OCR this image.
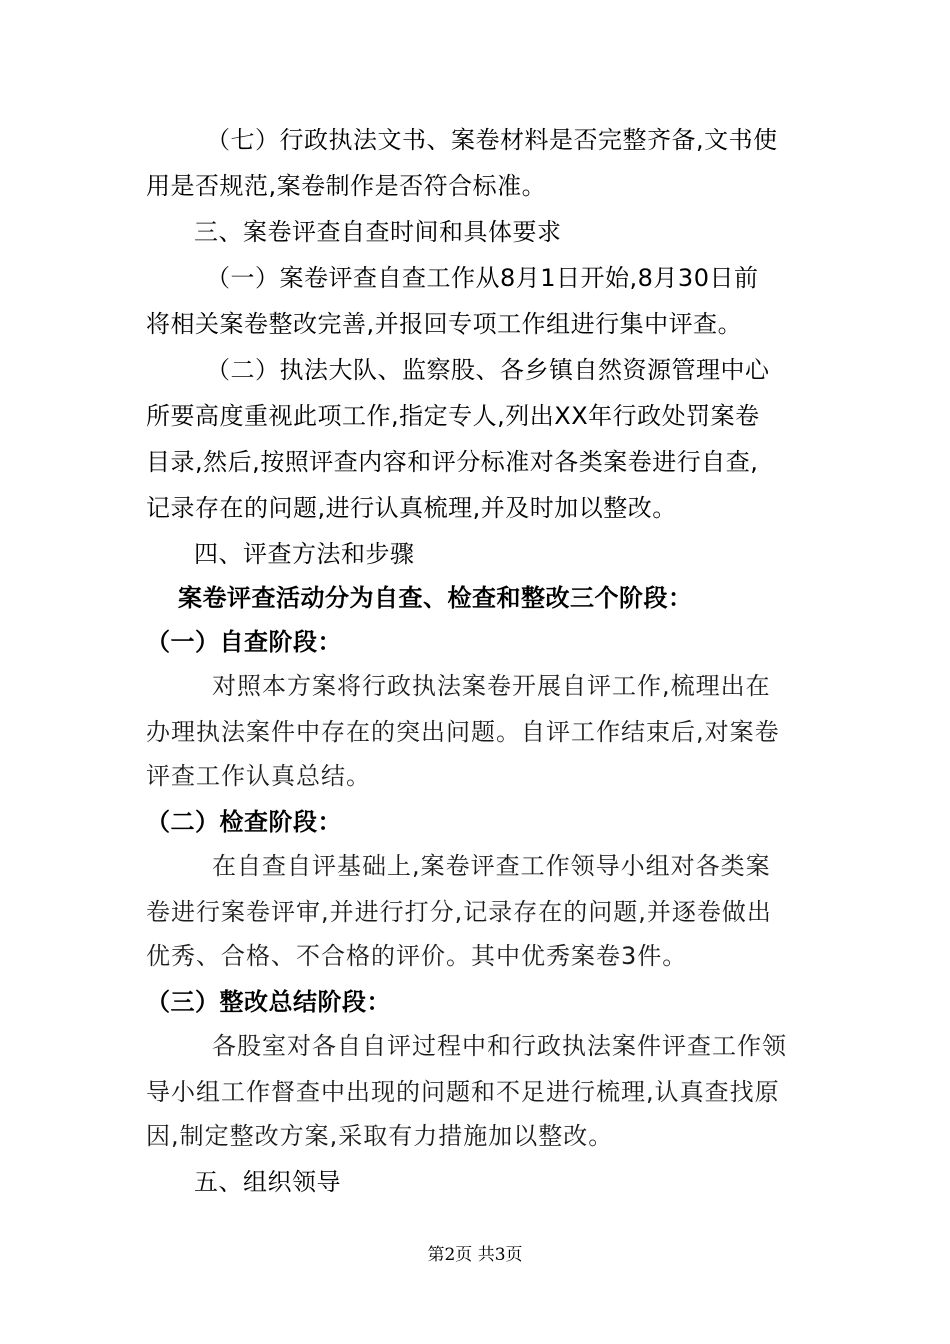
（七）行政执法文书、案卷材料是否完整齐备,文书使
用是否规范,案卷制作是否符合标准。
三、案卷评查自查时间和具体要求
（一）案卷评查自查工作从8月1日开始,8月30日前
将相关案卷整改完善,并报回专项工作组进行集中评查。
（二）执法大队、监察股、各乡镇自然资源管理中心
所要高度重视此项工作,指定专人,列出XX年行政处罚案卷
目录,然后,按照评查内容和评分标准对各类案卷进行自查,
记录存在的问题,进行认真梳理,并及时加以整改。
四、评查方法和步骤
案卷评查活动分为自查、检查和整改三个阶段：
（一）自查阶段：
对照本方案将行政执法案卷开展自评工作,梳理出在
办理执法案件中存在的突出问题。自评工作结束后,对案卷
评查工作认真总结。
（二）检查阶段：
在自查自评基础上,案卷评查工作领导小组对各类案
卷进行案卷评审,并进行打分,记录存在的问题,并逐卷做出
优秀、合格、不合格的评价。其中优秀案卷3件。
（三）整改总结阶段：
各股室对各自自评过程中和行政执法案件评查工作领
导小组工作督查中出现的问题和不足进行梳理,认真查找原
因,制定整改方案,采取有力措施加以整改。
五、组织领导
第2页 共3页
